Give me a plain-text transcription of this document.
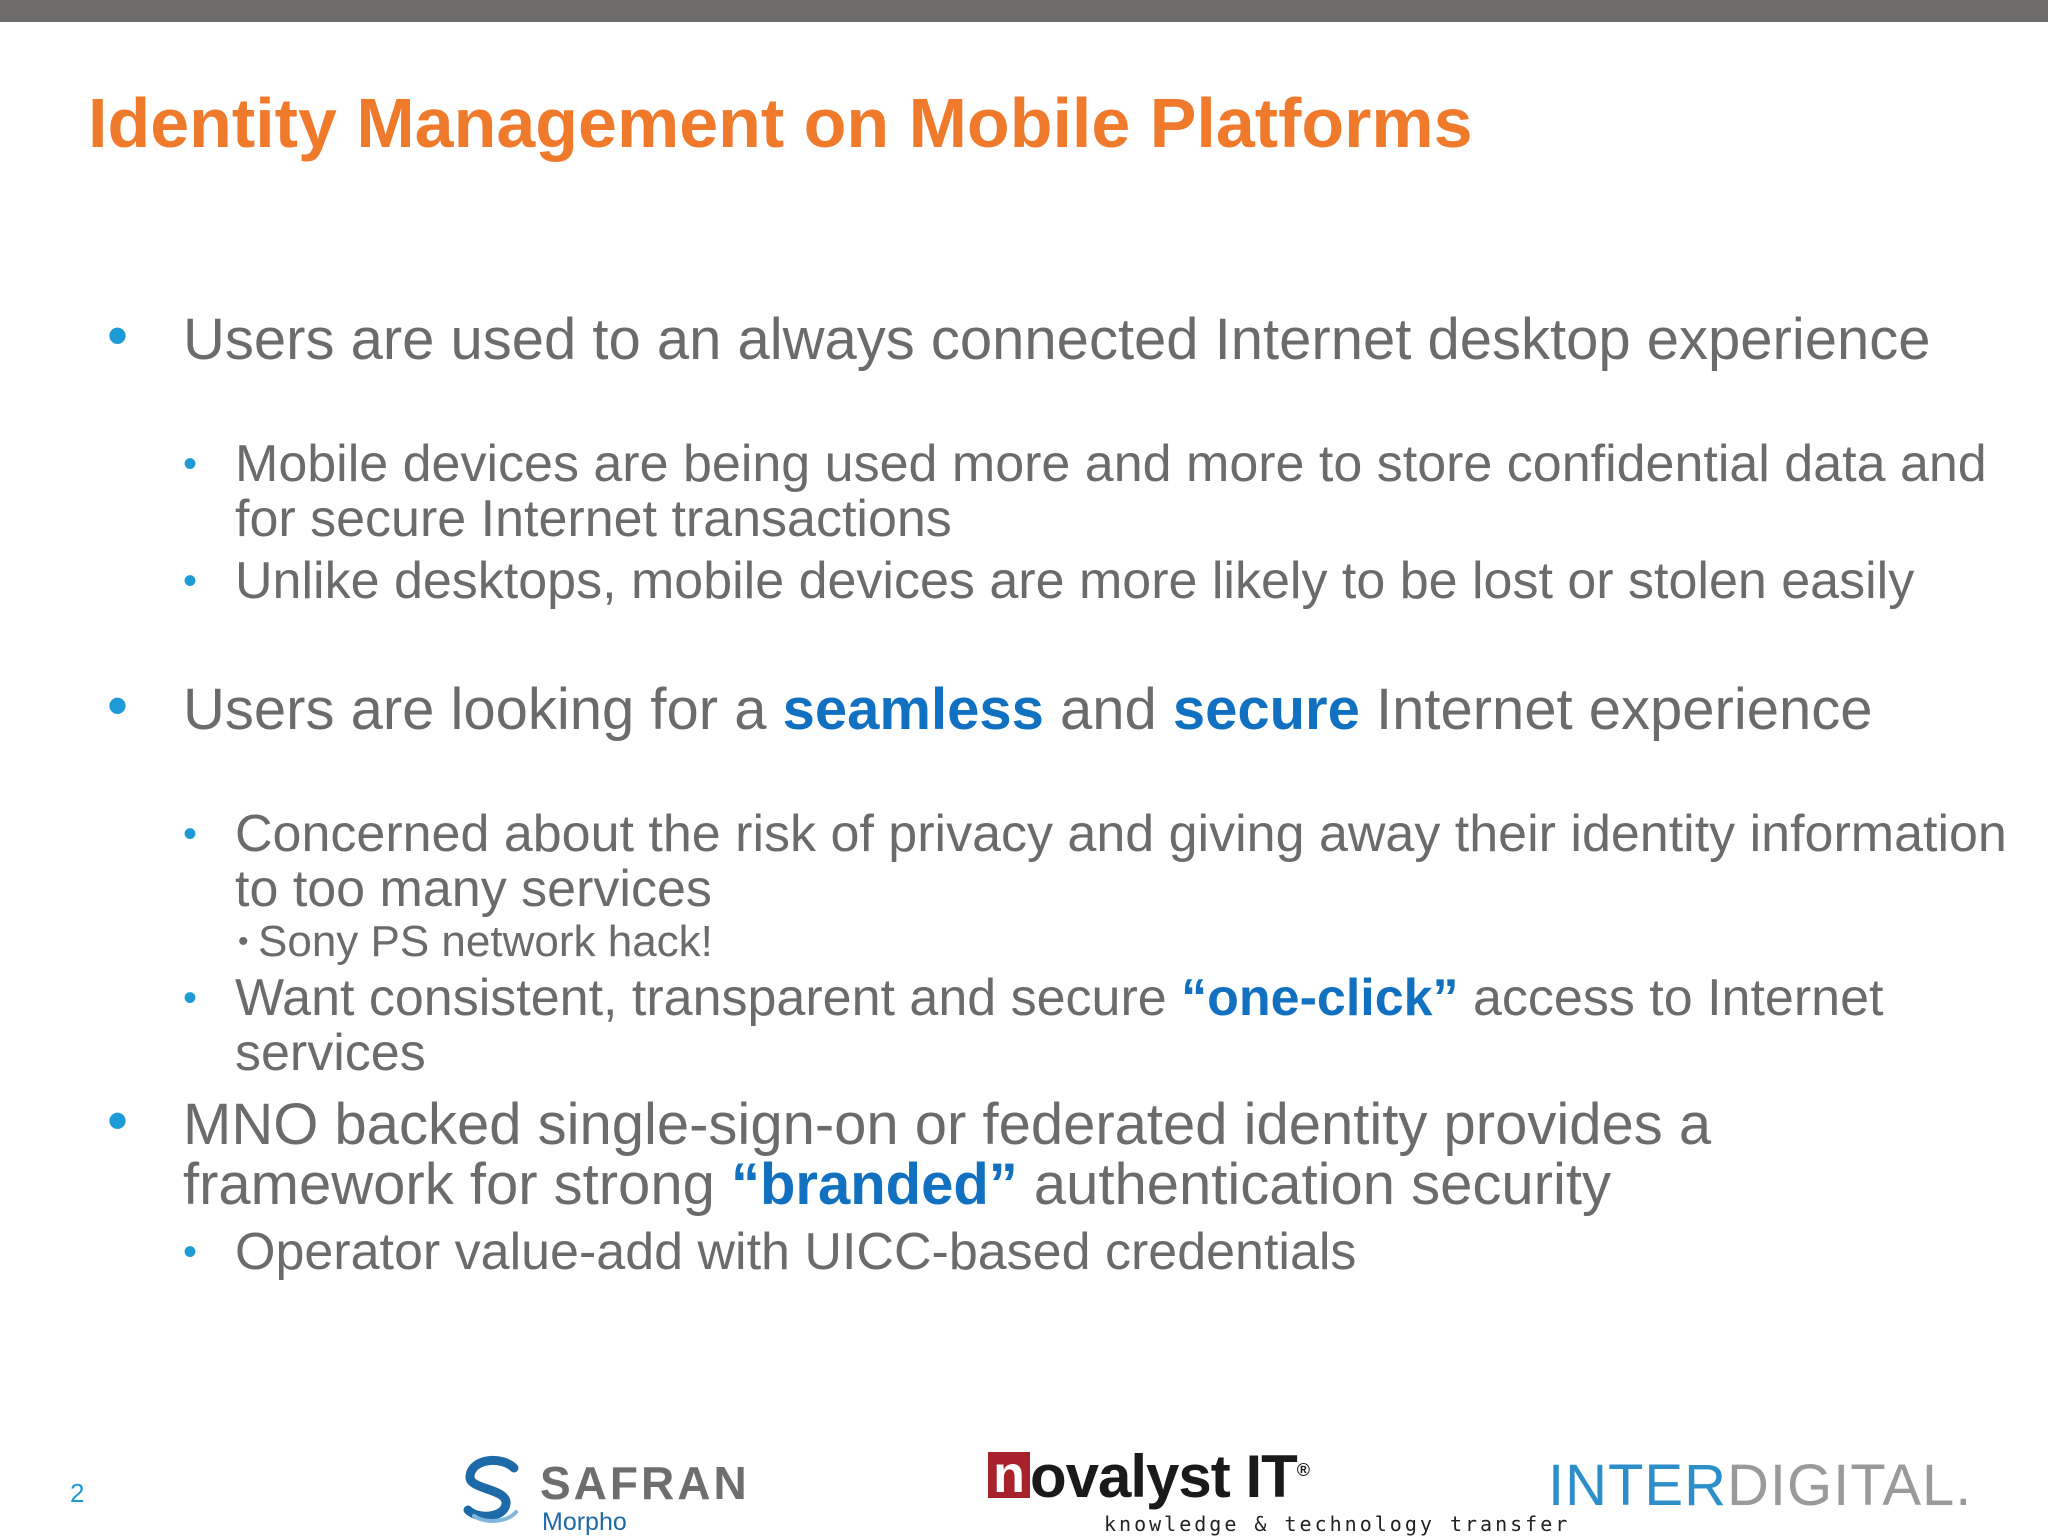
Identity Management on Mobile Platforms

• Users are used to an always connected Internet desktop experience

• Mobile devices are being used more and more to store confidential data and for secure Internet transactions

• Unlike desktops, mobile devices are more likely to be lost or stolen easily

• Users are looking for a seamless and secure Internet experience

• Concerned about the risk of privacy and giving away their identity information to too many services

• Sony PS network hack!

• Want consistent, transparent and secure “one-click” access to Internet services

• MNO backed single-sign-on or federated identity provides a framework for strong “branded” authentication security

• Operator value-add with UICC-based credentials

2	SAFRAN
Morpho
n ovalyst IT®
knowledge & technology transfer
INTERDIGITAL.
